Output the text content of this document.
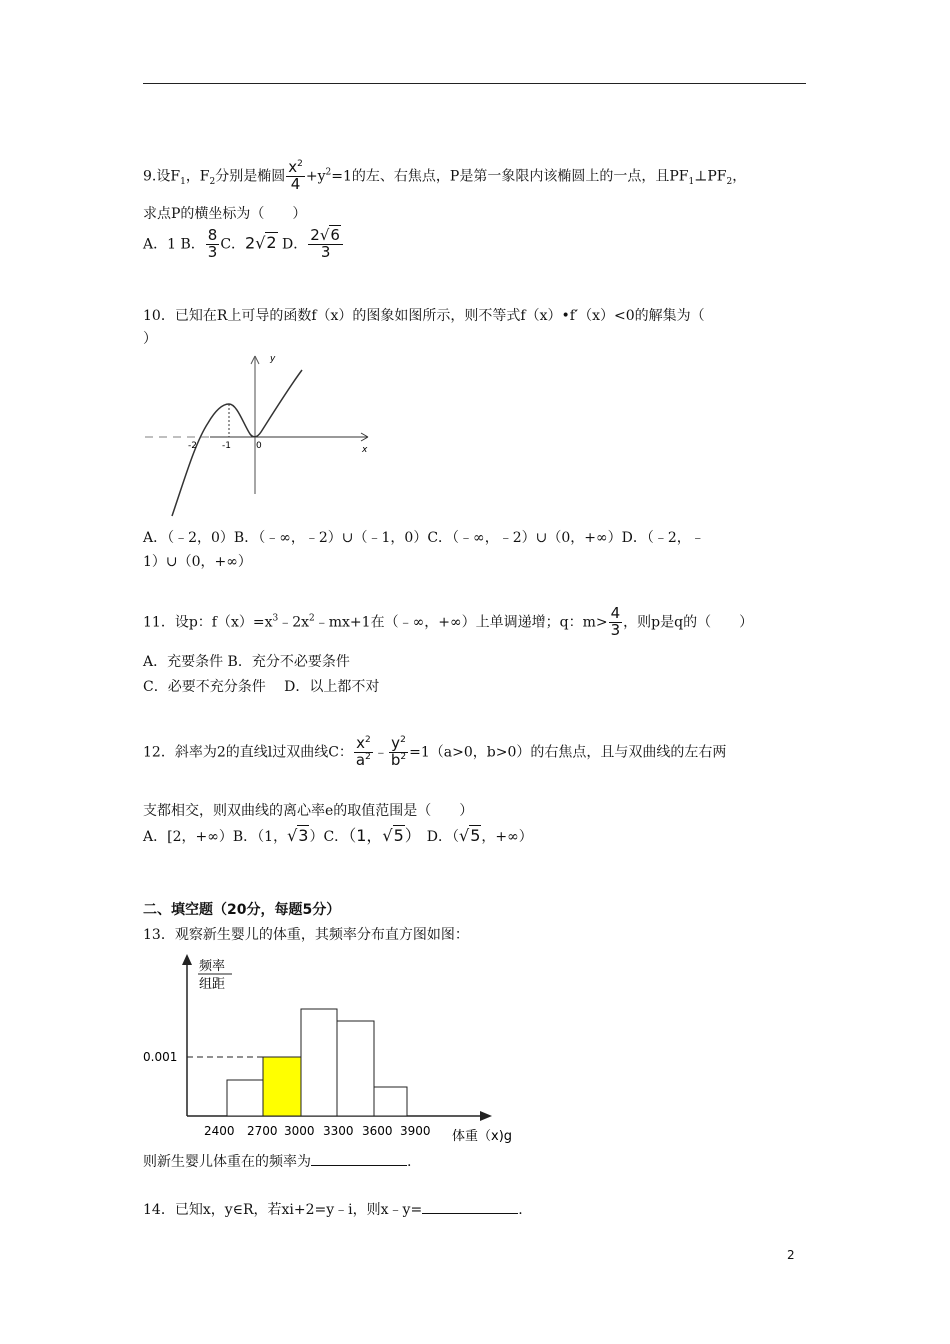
9.设$F_1$，$F_2$分别是椭圆 $\frac{x^2}{4} +y^2=1$的左、右焦点，P是第一象限内该椭圆上的一点，且$PF_1\perp PF_2$，
求点P的横坐标为（　　）
A．1 B． $\frac{8}{3}$ C．2√2 D． $\frac{2√6}{3}$
10．已知在R上可导的函数f（x）的图象如图所示，则不等式f（x）•f′（x）<0的解集为（
）
y
x
-2	-1	0
A．（﹣2，0）B．（﹣∞，﹣2）∪（﹣1，0）C．（﹣∞，﹣2）∪（0，+∞）D．（﹣2，﹣
1）∪（0，+∞）
11．设p：$f(x)=x^3﹣2x^2﹣mx+1$在（﹣∞，+∞）上单调递增；q：$m> \frac{4}{3}$ ，则p是q的（　　）
A．充要条件 B．充分不必要条件
C．必要不充分条件　 D．以上都不对
12．斜率为2的直线l过双曲线C： $\frac{x^2}{a^2}$ ﹣ $\frac{y^2}{b^2} =1(a>0$，b>0）的右焦点，且与双曲线的左右两
支都相交，则双曲线的离心率e的取值范围是（　　）
A．[2，+∞）B．（1，√3）C．（1，√5）　D．（√5，+∞）
二、填空题（20分，每题5分）
13．观察新生婴儿的体重，其频率分布直方图如图：
频率
组距
0.001
2400 2700 3000 3300 3600 3900 体重（x)g
则新生婴儿体重在的频率为	.
14．已知x，y∈R，若xi+2=y﹣i，则x﹣y=	.
2
